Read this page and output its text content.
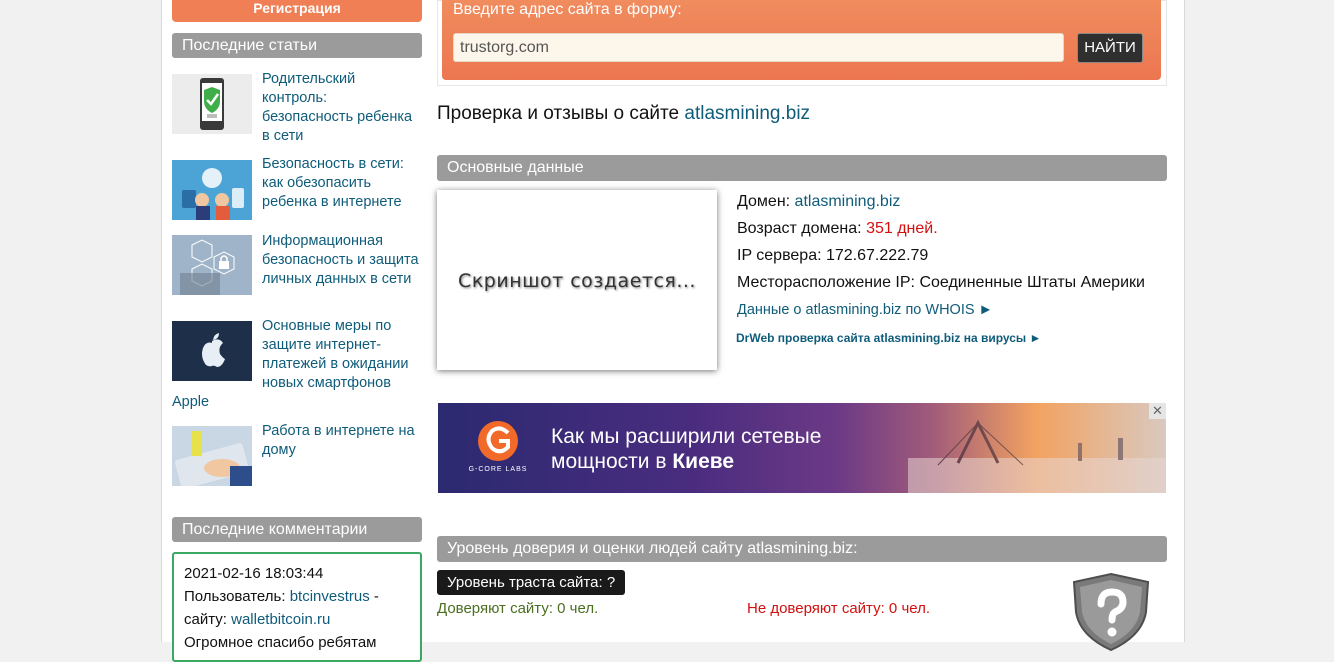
Регистрация
Последние статьи
Родительский контроль: безопасность ребенка в сети
Безопасность в сети: как обезопасить ребенка в интернете
Информационная безопасность и защита личных данных в сети
Основные меры по защите интернет-платежей в ожидании новых смартфонов
Apple
Работа в интернете на дому
Последние комментарии
2021-02-16 18:03:44
Пользователь: btcinvestrus -
сайту: walletbitcoin.ru
Огромное спасибо ребятам
Введите адрес сайта в форму:
trustorg.com
НАЙТИ
Проверка и отзывы о сайте atlasmining.biz
Основные данные
Скриншот создается...
Домен: atlasmining.biz
Возраст домена: 351 дней.
IP сервера: 172.67.222.79
Месторасположение IP: Соединенные Штаты Америки
Данные о atlasmining.biz по WHOIS ►
DrWeb проверка сайта atlasmining.biz на вирусы ►
G-CORE LABS
Как мы расширили сетевые
мощности в Киеве
✕
Уровень доверия и оценки людей сайту atlasmining.biz:
Уровень траста сайта: ?
Доверяют сайту: 0 чел.	Не доверяют сайту: 0 чел.
